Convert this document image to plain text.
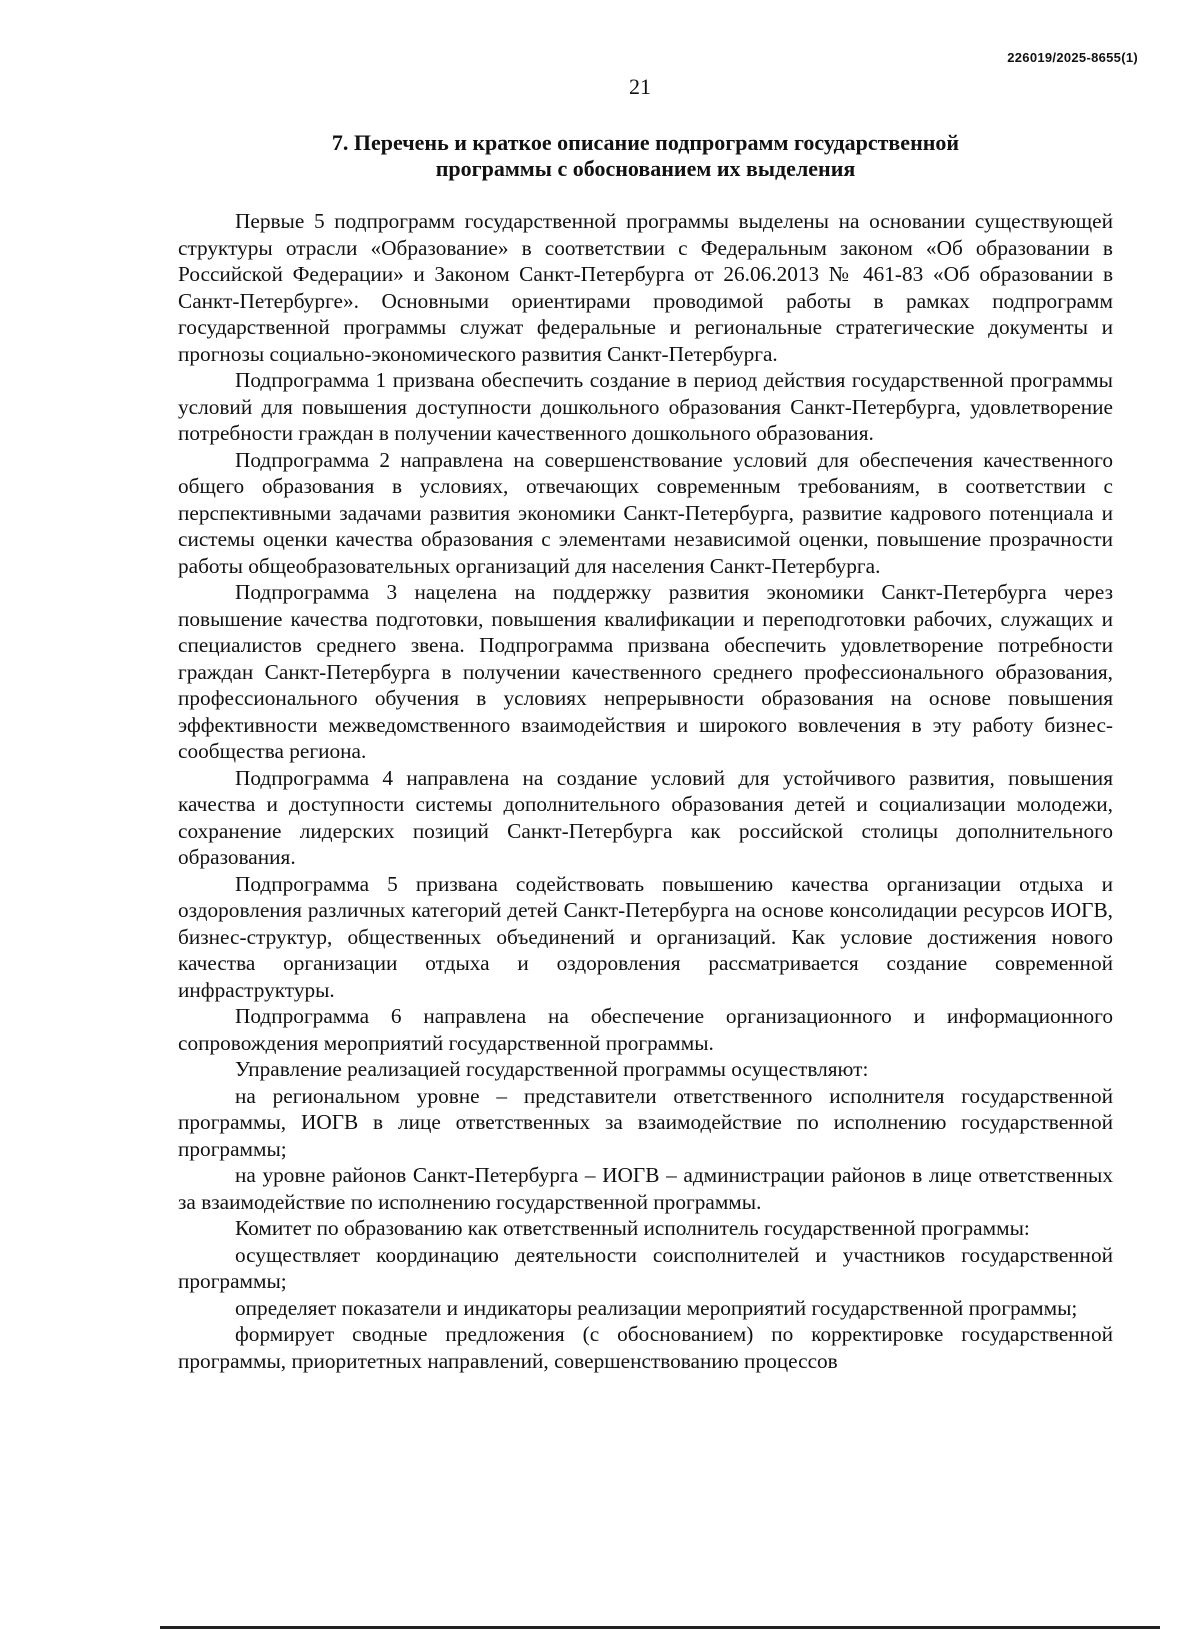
226019/2025-8655(1)
21
7. Перечень и краткое описание подпрограмм государственной
программы с обоснованием их выделения

Первые 5 подпрограмм государственной программы выделены на основании существующей структуры отрасли «Образование» в соответствии с Федеральным законом «Об образовании в Российской Федерации» и Законом Санкт-Петербурга от 26.06.2013 № 461-83 «Об образовании в Санкт-Петербурге». Основными ориентирами проводимой работы в рамках подпрограмм государственной программы служат федеральные и региональные стратегические документы и прогнозы социально-экономического развития Санкт-Петербурга.

Подпрограмма 1 призвана обеспечить создание в период действия государственной программы условий для повышения доступности дошкольного образования Санкт-Петербурга, удовлетворение потребности граждан в получении качественного дошкольного образования.

Подпрограмма 2 направлена на совершенствование условий для обеспечения качественного общего образования в условиях, отвечающих современным требованиям, в соответствии с перспективными задачами развития экономики Санкт-Петербурга, развитие кадрового потенциала и системы оценки качества образования с элементами независимой оценки, повышение прозрачности работы общеобразовательных организаций для населения Санкт-Петербурга.

Подпрограмма 3 нацелена на поддержку развития экономики Санкт-Петербурга через повышение качества подготовки, повышения квалификации и переподготовки рабочих, служащих и специалистов среднего звена. Подпрограмма призвана обеспечить удовлетворение потребности граждан Санкт-Петербурга в получении качественного среднего профессионального образования, профессионального обучения в условиях непрерывности образования на основе повышения эффективности межведомственного взаимодействия и широкого вовлечения в эту работу бизнес-сообщества региона.

Подпрограмма 4 направлена на создание условий для устойчивого развития, повышения качества и доступности системы дополнительного образования детей и социализации молодежи, сохранение лидерских позиций Санкт-Петербурга как российской столицы дополнительного образования.

Подпрограмма 5 призвана содействовать повышению качества организации отдыха и оздоровления различных категорий детей Санкт-Петербурга на основе консолидации ресурсов ИОГВ, бизнес-структур, общественных объединений и организаций. Как условие достижения нового качества организации отдыха и оздоровления рассматривается создание современной инфраструктуры.

Подпрограмма 6 направлена на обеспечение организационного и информационного сопровождения мероприятий государственной программы.

Управление реализацией государственной программы осуществляют:

на региональном уровне – представители ответственного исполнителя государственной программы, ИОГВ в лице ответственных за взаимодействие по исполнению государственной программы;

на уровне районов Санкт-Петербурга – ИОГВ – администрации районов в лице ответственных за взаимодействие по исполнению государственной программы.

Комитет по образованию как ответственный исполнитель государственной программы:

осуществляет координацию деятельности соисполнителей и участников государственной программы;

определяет показатели и индикаторы реализации мероприятий государственной программы;

формирует сводные предложения (с обоснованием) по корректировке государственной программы, приоритетных направлений, совершенствованию процессов
